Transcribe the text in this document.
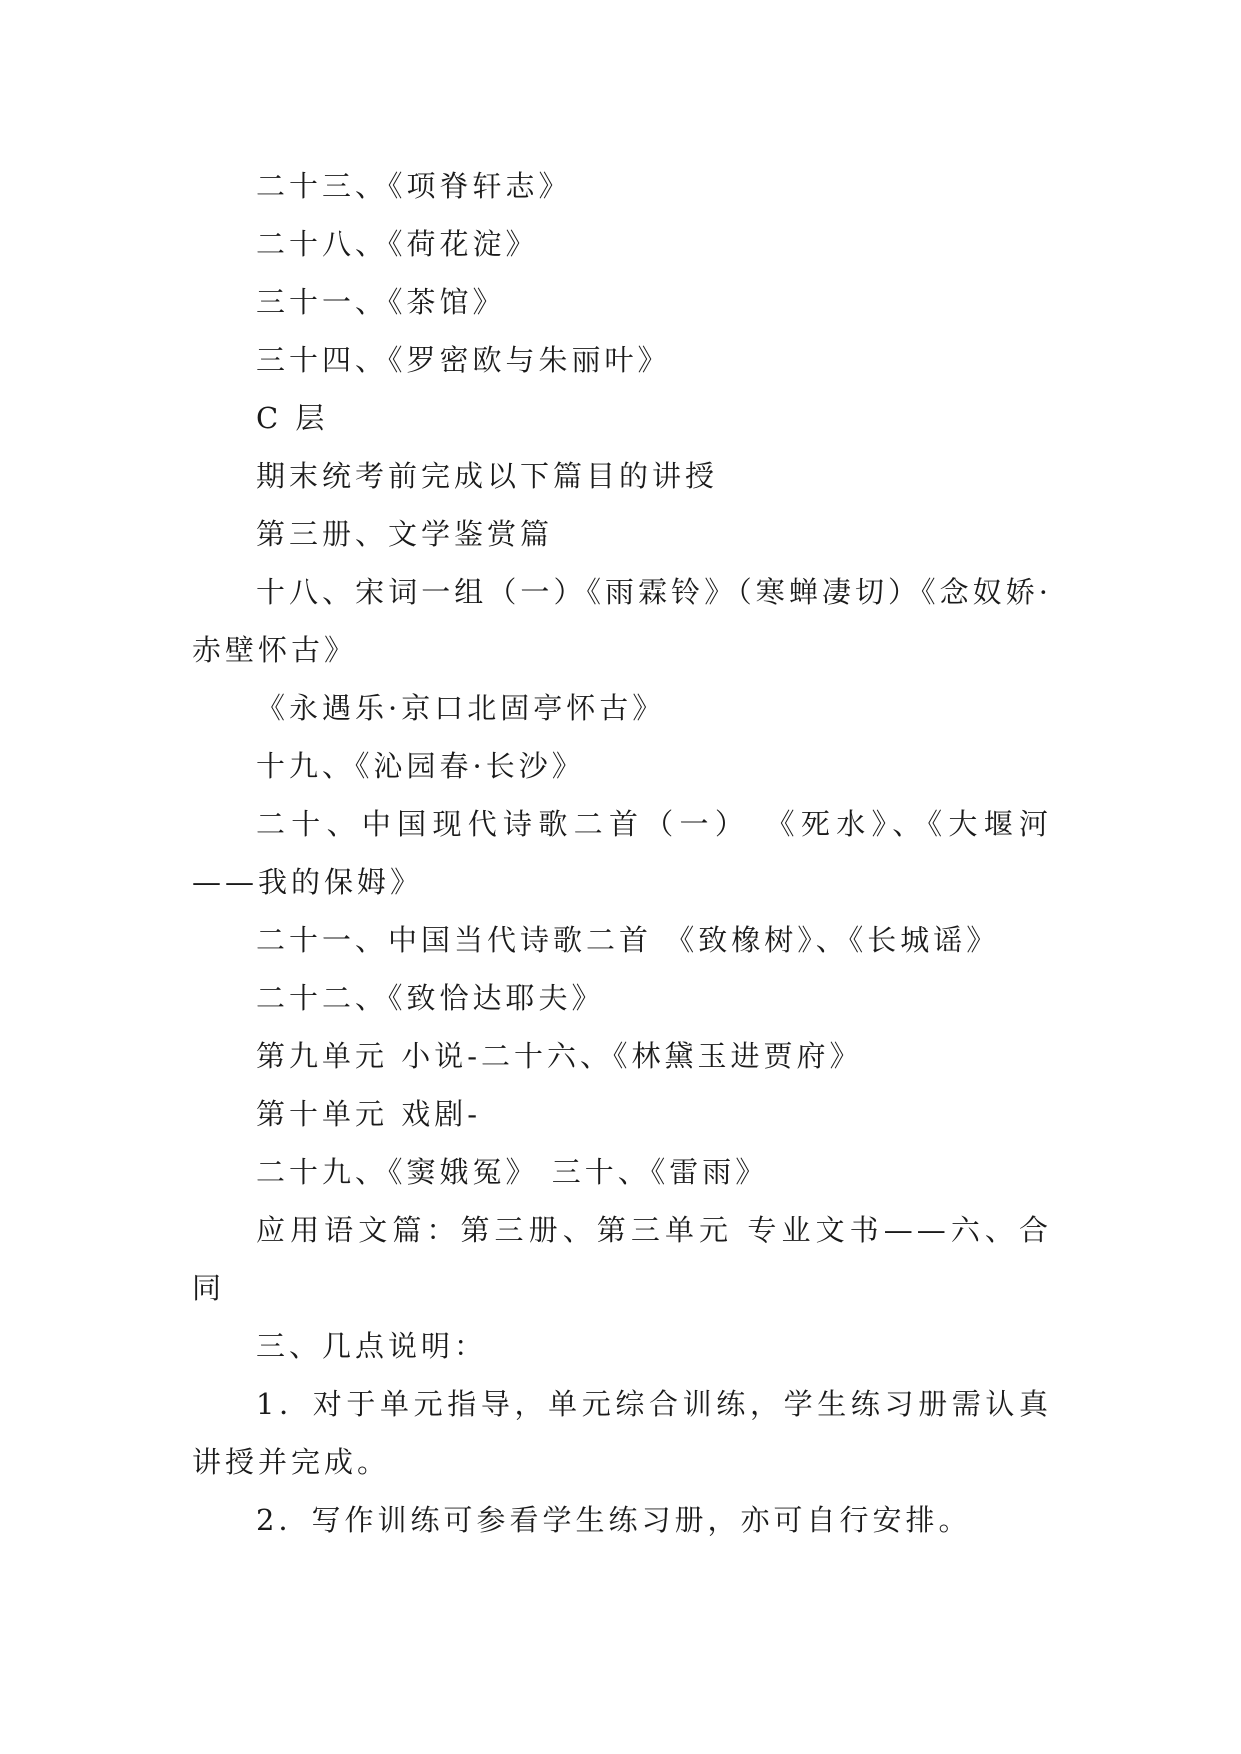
二十三、《项脊轩志》
二十八、《荷花淀》
三十一、《茶馆》
三十四、《罗密欧与朱丽叶》
C 层
期末统考前完成以下篇目的讲授
第三册、文学鉴赏篇
十八、宋词一组（一）《雨霖铃》（寒蝉凄切）《念奴娇·赤壁怀古》
《永遇乐·京口北固亭怀古》
十九、《沁园春·长沙》
二十、中国现代诗歌二首（一） 《死水》、《大堰河——我的保姆》
二十一、中国当代诗歌二首 《致橡树》、《长城谣》
二十二、《致恰达耶夫》
第九单元 小说-二十六、《林黛玉进贾府》
第十单元 戏剧-
二十九、《窦娥冤》 三十、《雷雨》
应用语文篇：第三册、第三单元 专业文书——六、合同
三、几点说明：
1．对于单元指导，单元综合训练，学生练习册需认真讲授并完成。
2．写作训练可参看学生练习册，亦可自行安排。
